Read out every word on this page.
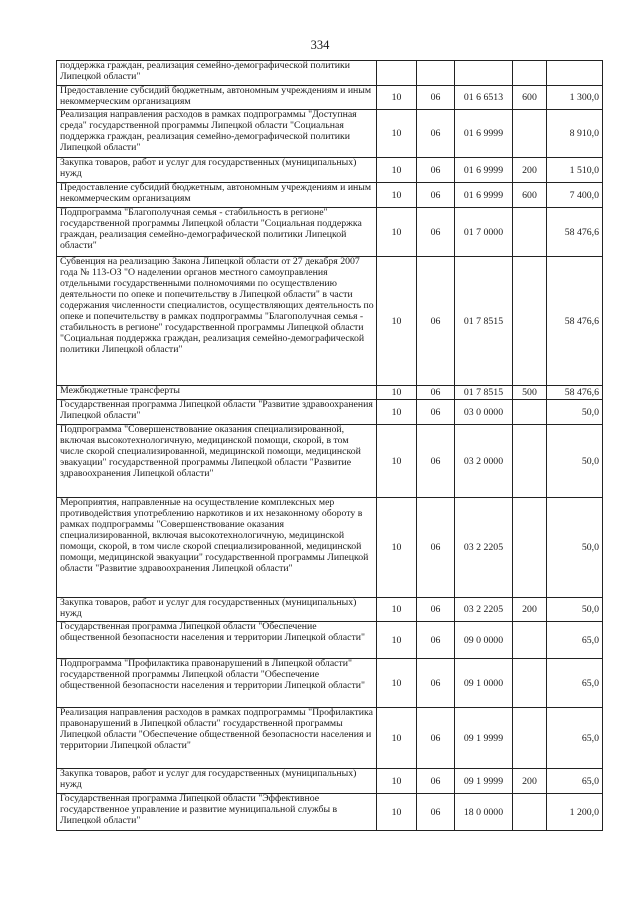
334
поддержка граждан, реализация семейно-демографической политики Липецкой области"					
Предоставление субсидий бюджетным, автономным учреждениям и иным некоммерческим организациям	10	06	01 6 6513	600	1 300,0
Реализация направления расходов в рамках подпрограммы "Доступная среда" государственной программы Липецкой области "Социальная поддержка граждан, реализация семейно-демографической политики Липецкой области"	10	06	01 6 9999		8 910,0
Закупка товаров, работ и услуг для государственных (муниципальных) нужд	10	06	01 6 9999	200	1 510,0
Предоставление субсидий бюджетным, автономным учреждениям и иным некоммерческим организациям	10	06	01 6 9999	600	7 400,0
Подпрограмма "Благополучная семья - стабильность в регионе" государственной программы Липецкой области "Социальная поддержка граждан, реализация семейно-демографической политики Липецкой области"	10	06	01 7 0000		58 476,6
Субвенция на реализацию Закона Липецкой области от 27 декабря 2007 года № 113-ОЗ "О наделении органов местного самоуправления отдельными государственными полномочиями по осуществлению деятельности по опеке и попечительству в Липецкой области" в части содержания численности специалистов, осуществляющих деятельность по опеке и попечительству в рамках подпрограммы "Благополучная семья - стабильность в регионе" государственной программы Липецкой области "Социальная поддержка граждан, реализация семейно-демографической политики Липецкой области"	10	06	01 7 8515		58 476,6
Межбюджетные трансферты	10	06	01 7 8515	500	58 476,6
Государственная программа Липецкой области "Развитие здравоохранения Липецкой области"	10	06	03 0 0000		50,0
Подпрограмма "Совершенствование оказания специализированной, включая высокотехнологичную, медицинской помощи, скорой, в том числе скорой специализированной, медицинской помощи, медицинской эвакуации" государственной программы Липецкой области "Развитие здравоохранения Липецкой области"	10	06	03 2 0000		50,0
Мероприятия, направленные на осуществление комплексных мер противодействия употреблению наркотиков и их незаконному обороту в рамках подпрограммы "Совершенствование оказания специализированной, включая высокотехнологичную, медицинской помощи, скорой, в том числе скорой специализированной, медицинской помощи, медицинской эвакуации" государственной программы Липецкой области "Развитие здравоохранения Липецкой области"	10	06	03 2 2205		50,0
Закупка товаров, работ и услуг для государственных (муниципальных) нужд	10	06	03 2 2205	200	50,0
Государственная программа Липецкой области "Обеспечение общественной безопасности населения и территории Липецкой области"	10	06	09 0 0000		65,0
Подпрограмма "Профилактика правонарушений в Липецкой области" государственной программы Липецкой области "Обеспечение общественной безопасности населения и территории Липецкой области"	10	06	09 1 0000		65,0
Реализация направления расходов в рамках подпрограммы "Профилактика правонарушений в Липецкой области" государственной программы Липецкой области "Обеспечение общественной безопасности населения и территории Липецкой области"	10	06	09 1 9999		65,0
Закупка товаров, работ и услуг для государственных (муниципальных) нужд	10	06	09 1 9999	200	65,0
Государственная программа Липецкой области "Эффективное государственное управление и развитие муниципальной службы в Липецкой области"	10	06	18 0 0000		1 200,0
